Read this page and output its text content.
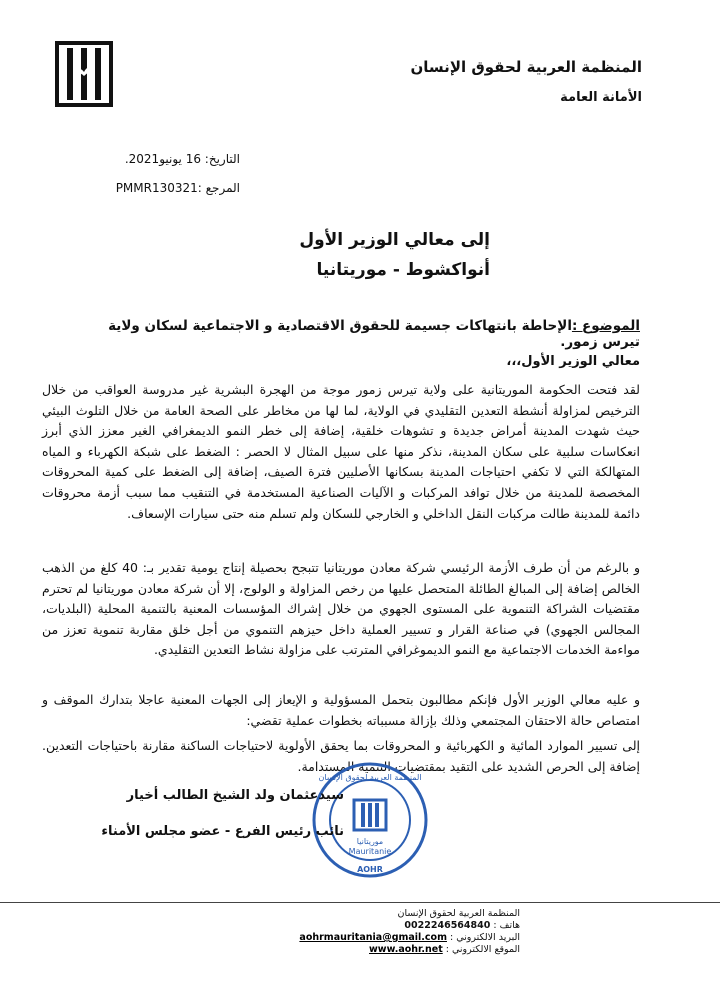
المنظمة العربية لحقوق الإنسان
الأمانة العامة
التاريخ: 16 يونيو2021.
المرجع :PMMR130321
إلى معالي الوزير الأول
أنواكشوط - موريتانيا
الموضوع :الإحاطة بانتهاكات جسيمة للحقوق الاقتصادية و الاجتماعية لسكان ولاية تيرس زمور.
معالي الوزير الأول،،،
لقد فتحت الحكومة الموريتانية على ولاية تيرس زمور موجة من الهجرة البشرية غير مدروسة العواقب من خلال الترخيص لمزاولة أنشطة التعدين التقليدي في الولاية، لما لها من مخاطر على الصحة العامة من خلال التلوث البيئي حيث شهدت المدينة أمراض جديدة و تشوهات خلقية، إضافة إلى خطر النمو الديمغرافي الغير معزز الذي أبرز انعكاسات سلبية على سكان المدينة، نذكر منها على سبيل المثال لا الحصر : الضغط على شبكة الكهرباء و المياه المتهالكة التي لا تكفي احتياجات المدينة بسكانها الأصليين فترة الصيف، إضافة إلى الضغط على كمية المحروقات المخصصة للمدينة من خلال توافد المركبات و الآليات الصناعية المستخدمة في التنقيب مما سبب أزمة محروقات دائمة للمدينة طالت مركبات النقل الداخلي و الخارجي للسكان ولم تسلم منه حتى سيارات الإسعاف.
و بالرغم من أن طرف الأزمة الرئيسي شركة معادن موريتانيا تتبجح بحصيلة إنتاج يومية تقدير بـ: 40 كلغ من الذهب الخالص إضافة إلى المبالغ الطائلة المتحصل عليها من رخص المزاولة و الولوج، إلا أن شركة معادن موريتانيا لم تحترم مقتضيات الشراكة التنموية على المستوى الجهوي من خلال إشراك المؤسسات المعنية بالتنمية المحلية (البلديات، المجالس الجهوي) في صناعة القرار و تسيير العملية داخل حيزهم التنموي من أجل خلق مقاربة تنموية تعزز من مواءمة الخدمات الاجتماعية مع النمو الديموغرافي المترتب على مزاولة نشاط التعدين التقليدي.
و عليه معالي الوزير الأول فإنكم مطالبون بتحمل المسؤولية و الإيعاز إلى الجهات المعنية عاجلا بتدارك الموقف و امتصاص حالة الاحتقان المجتمعي وذلك بإزالة مسبباته بخطوات عملية تقضي:
إلى تسيير الموارد المائية و الكهربائية و المحروقات بما يحقق الأولوية لاحتياجات الساكنة مقارنة باحتياجات التعدين. إضافة إلى الحرص الشديد على التقيد بمقتضيات التنمية المستدامة.
موريتانيا
Mauritanie
AOHR
المنظمة العربية لحقوق الإنسان
سيدعثمان ولد الشيخ الطالب أخيار
نائب رئيس الفرع - عضو مجلس الأمناء
المنظمة العربية لحقوق الإنسان
هاتف : 0022246564840
البريد الالكتروني : aohrmauritania@gmail.com
الموقع الالكتروني : www.aohr.net
